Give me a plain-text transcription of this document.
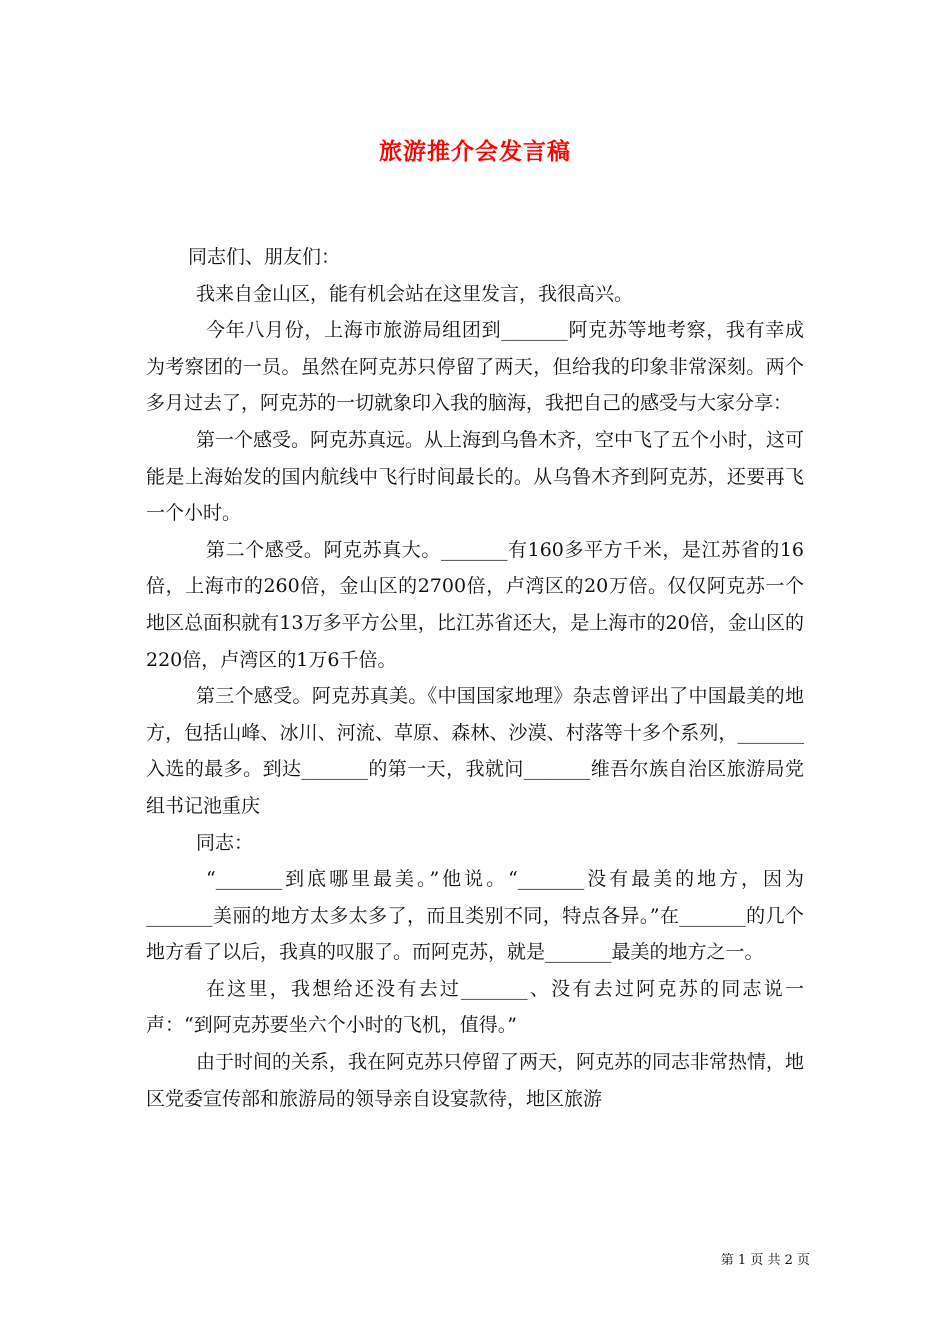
旅游推介会发言稿

同志们、朋友们：

我来自金山区，能有机会站在这里发言，我很高兴。

今年八月份，上海市旅游局组团到_______阿克苏等地考察，我有幸成为考察团的一员。虽然在阿克苏只停留了两天，但给我的印象非常深刻。两个多月过去了，阿克苏的一切就象印入我的脑海，我把自己的感受与大家分享：

第一个感受。阿克苏真远。从上海到乌鲁木齐，空中飞了五个小时，这可能是上海始发的国内航线中飞行时间最长的。从乌鲁木齐到阿克苏，还要再飞一个小时。

第二个感受。阿克苏真大。_______有160多平方千米，是江苏省的16倍，上海市的260倍，金山区的2700倍，卢湾区的20万倍。仅仅阿克苏一个地区总面积就有13万多平方公里，比江苏省还大，是上海市的20倍，金山区的220倍，卢湾区的1万6千倍。

第三个感受。阿克苏真美。《中国国家地理》杂志曾评出了中国最美的地方，包括山峰、冰川、河流、草原、森林、沙漠、村落等十多个系列，_______入选的最多。到达_______的第一天，我就问_______维吾尔族自治区旅游局党组书记池重庆

同志：

“_______到底哪里最美。”他说。“_______没有最美的地方，因为_______美丽的地方太多太多了，而且类别不同，特点各异。”在_______的几个地方看了以后，我真的叹服了。而阿克苏，就是_______最美的地方之一。

在这里，我想给还没有去过_______、没有去过阿克苏的同志说一声：“到阿克苏要坐六个小时的飞机，值得。”

由于时间的关系，我在阿克苏只停留了两天，阿克苏的同志非常热情，地区党委宣传部和旅游局的领导亲自设宴款待，地区旅游

第 1 页 共 2 页
